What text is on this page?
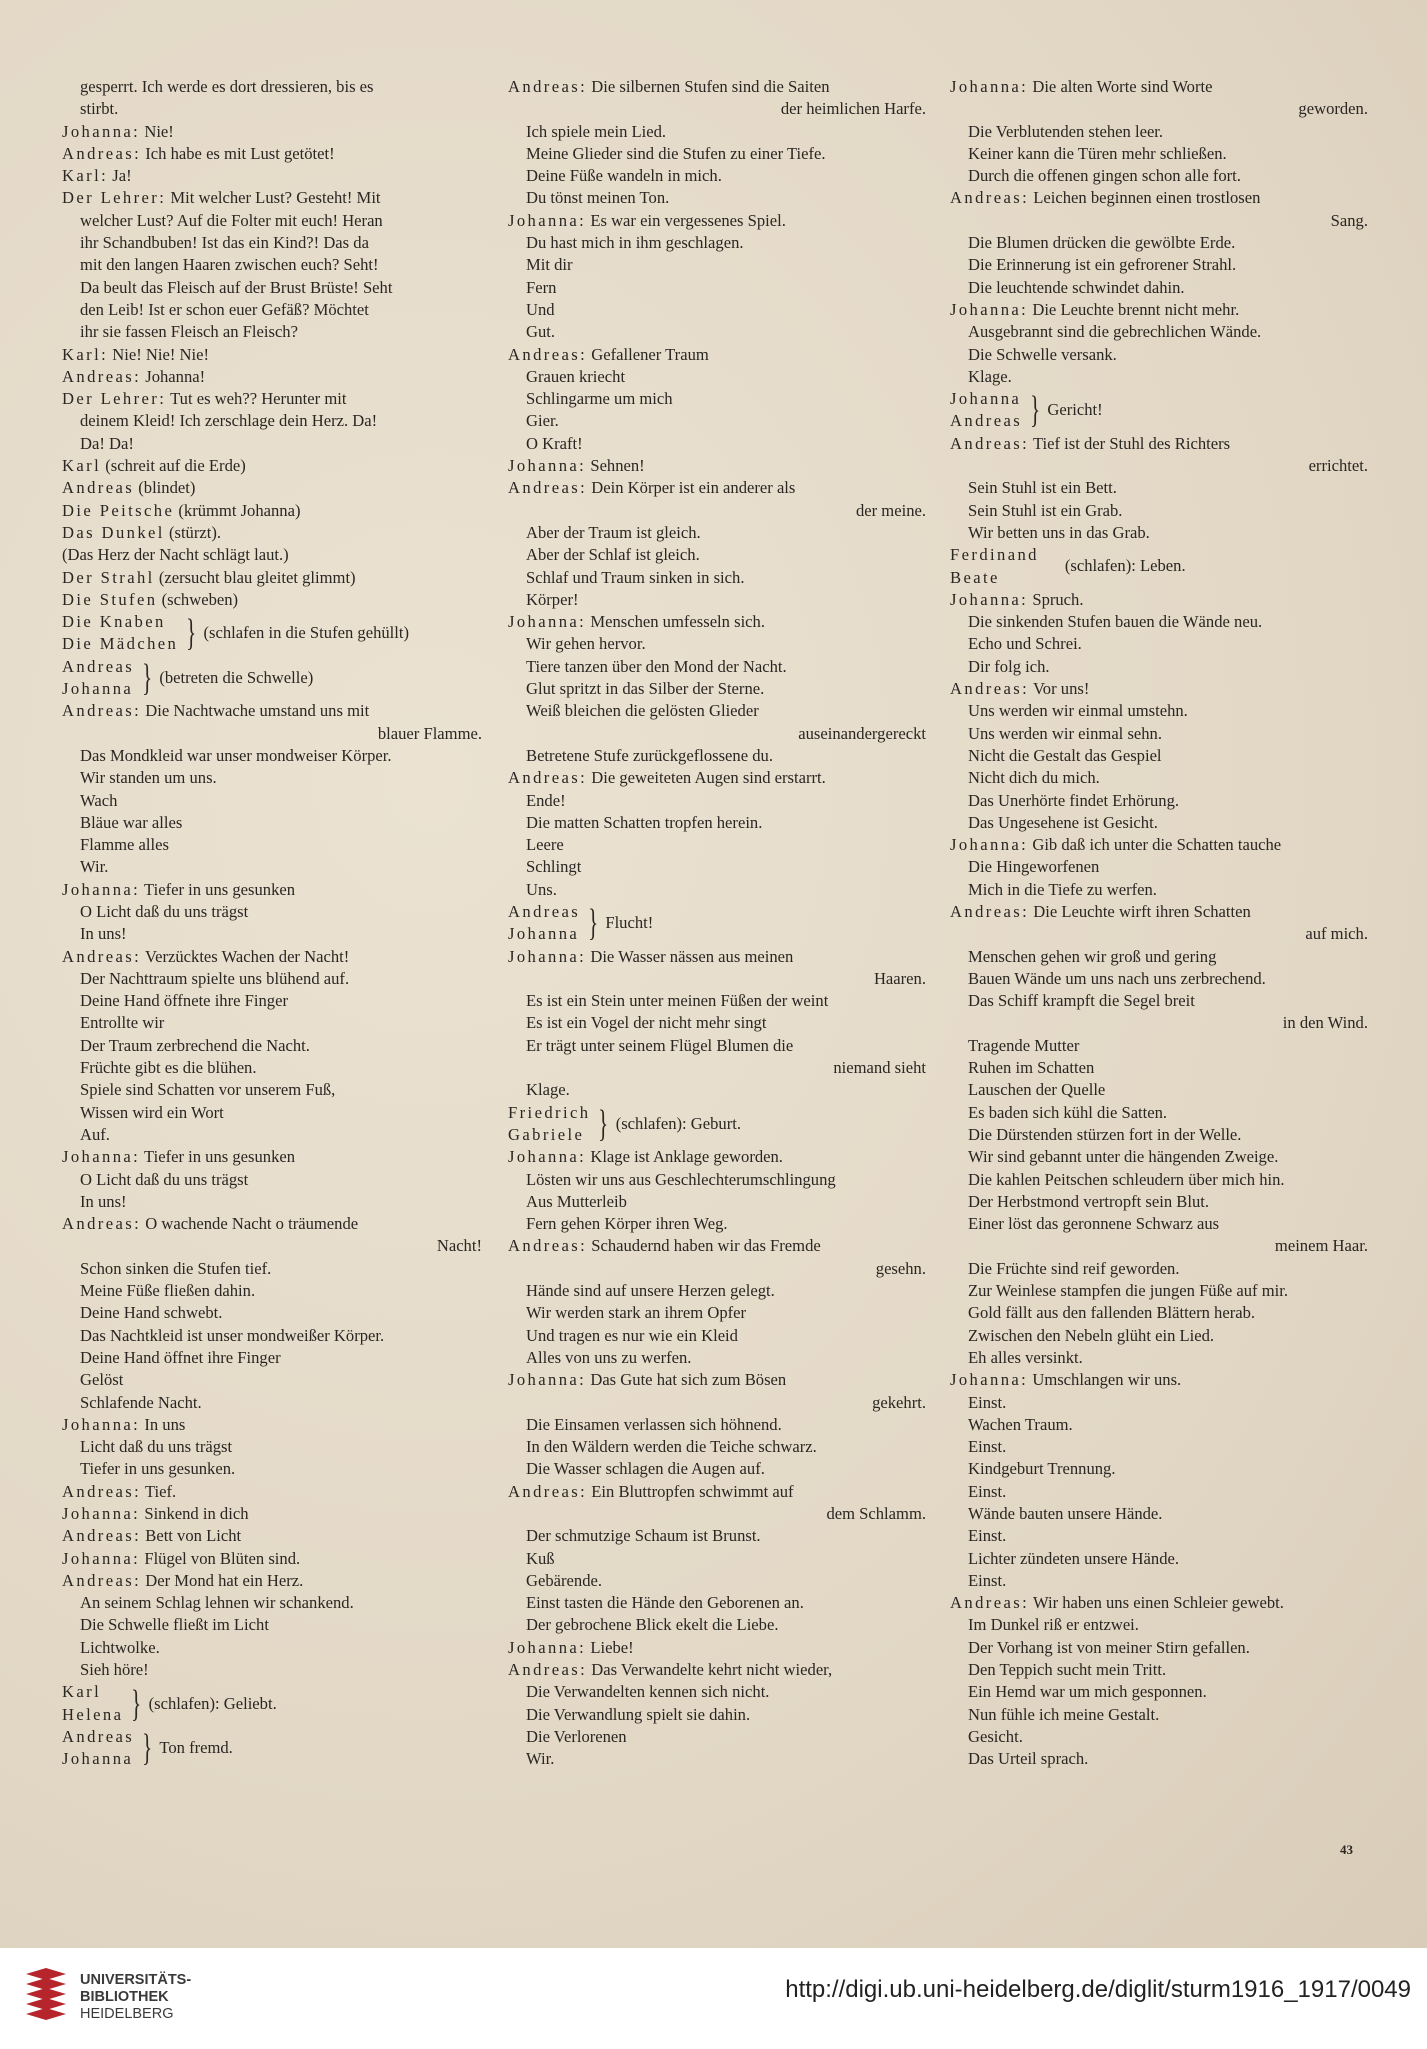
gesperrt. Ich werde es dort dressieren, bis es
stirbt.
Johanna: Nie!
Andreas: Ich habe es mit Lust getötet!
Karl: Ja!
Der Lehrer: Mit welcher Lust? Gesteht! Mit
welcher Lust? Auf die Folter mit euch! Heran
ihr Schandbuben! Ist das ein Kind?! Das da
mit den langen Haaren zwischen euch? Seht!
Da beult das Fleisch auf der Brust Brüste! Seht
den Leib! Ist er schon euer Gefäß? Möchtet
ihr sie fassen Fleisch an Fleisch?
Karl: Nie! Nie! Nie!
Andreas: Johanna!
Der Lehrer: Tut es weh?? Herunter mit
deinem Kleid! Ich zerschlage dein Herz. Da!
Da! Da!
Karl (schreit auf die Erde)
Andreas (blindet)
Die Peitsche (krümmt Johanna)
Das Dunkel (stürzt).
(Das Herz der Nacht schlägt laut.)
Der Strahl (zersucht blau gleitet glimmt)
Die Stufen (schweben)
Die Knaben
Die Mädchen } (schlafen in die Stufen gehüllt)
Andreas
Johanna } (betreten die Schwelle)
Andreas: Die Nachtwache umstand uns mit
blauer Flamme.
Das Mondkleid war unser mondweiser Körper.
Wir standen um uns.
Wach
Bläue war alles
Flamme alles
Wir.
Johanna: Tiefer in uns gesunken
O Licht daß du uns trägst
In uns!
Andreas: Verzücktes Wachen der Nacht!
Der Nachttraum spielte uns blühend auf.
Deine Hand öffnete ihre Finger
Entrollte wir
Der Traum zerbrechend die Nacht.
Früchte gibt es die blühen.
Spiele sind Schatten vor unserem Fuß,
Wissen wird ein Wort
Auf.
Johanna: Tiefer in uns gesunken
O Licht daß du uns trägst
In uns!
Andreas: O wachende Nacht o träumende
Nacht!
Schon sinken die Stufen tief.
Meine Füße fließen dahin.
Deine Hand schwebt.
Das Nachtkleid ist unser mondweißer Körper.
Deine Hand öffnet ihre Finger
Gelöst
Schlafende Nacht.
Johanna: In uns
Licht daß du uns trägst
Tiefer in uns gesunken.
Andreas: Tief.
Johanna: Sinkend in dich
Andreas: Bett von Licht
Johanna: Flügel von Blüten sind.
Andreas: Der Mond hat ein Herz.
An seinem Schlag lehnen wir schankend.
Die Schwelle fließt im Licht
Lichtwolke.
Sieh höre!
Karl
Helena } (schlafen): Geliebt.
Andreas
Johanna } Ton fremd.
Andreas: Die silbernen Stufen sind die Saiten
der heimlichen Harfe.
Ich spiele mein Lied.
Meine Glieder sind die Stufen zu einer Tiefe.
Deine Füße wandeln in mich.
Du tönst meinen Ton.
Johanna: Es war ein vergessenes Spiel.
Du hast mich in ihm geschlagen.
Mit dir
Fern
Und
Gut.
Andreas: Gefallener Traum
Grauen kriecht
Schlingarme um mich
Gier.
O Kraft!
Johanna: Sehnen!
Andreas: Dein Körper ist ein anderer als
der meine.
Aber der Traum ist gleich.
Aber der Schlaf ist gleich.
Schlaf und Traum sinken in sich.
Körper!
Johanna: Menschen umfesseln sich.
Wir gehen hervor.
Tiere tanzen über den Mond der Nacht.
Glut spritzt in das Silber der Sterne.
Weiß bleichen die gelösten Glieder
auseinandergereckt
Betretene Stufe zurückgeflossene du.
Andreas: Die geweiteten Augen sind erstarrt.
Ende!
Die matten Schatten tropfen herein.
Leere
Schlingt
Uns.
Andreas
Johanna } Flucht!
Johanna: Die Wasser nässen aus meinen
Haaren.
Es ist ein Stein unter meinen Füßen der weint
Es ist ein Vogel der nicht mehr singt
Er trägt unter seinem Flügel Blumen die
niemand sieht
Klage.
Friedrich
Gabriele } (schlafen): Geburt.
Johanna: Klage ist Anklage geworden.
Lösten wir uns aus Geschlechterumschlingung
Aus Mutterleib
Fern gehen Körper ihren Weg.
Andreas: Schaudernd haben wir das Fremde
gesehn.
Hände sind auf unsere Herzen gelegt.
Wir werden stark an ihrem Opfer
Und tragen es nur wie ein Kleid
Alles von uns zu werfen.
Johanna: Das Gute hat sich zum Bösen
gekehrt.
Die Einsamen verlassen sich höhnend.
In den Wäldern werden die Teiche schwarz.
Die Wasser schlagen die Augen auf.
Andreas: Ein Bluttropfen schwimmt auf
dem Schlamm.
Der schmutzige Schaum ist Brunst.
Kuß
Gebärende.
Einst tasten die Hände den Geborenen an.
Der gebrochene Blick ekelt die Liebe.
Johanna: Liebe!
Andreas: Das Verwandelte kehrt nicht wieder,
Die Verwandelten kennen sich nicht.
Die Verwandlung spielt sie dahin.
Die Verlorenen
Wir.
Johanna: Die alten Worte sind Worte
geworden.
Die Verblutenden stehen leer.
Keiner kann die Türen mehr schließen.
Durch die offenen gingen schon alle fort.
Andreas: Leichen beginnen einen trostlosen
Sang.
Die Blumen drücken die gewölbte Erde.
Die Erinnerung ist ein gefrorener Strahl.
Die leuchtende schwindet dahin.
Johanna: Die Leuchte brennt nicht mehr.
Ausgebrannt sind die gebrechlichen Wände.
Die Schwelle versank.
Klage.
Johanna
Andreas } Gericht!
Andreas: Tief ist der Stuhl des Richters
errichtet.
Sein Stuhl ist ein Bett.
Sein Stuhl ist ein Grab.
Wir betten uns in das Grab.
Ferdinand
Beate
(schlafen): Leben.
Johanna: Spruch.
Die sinkenden Stufen bauen die Wände neu.
Echo und Schrei.
Dir folg ich.
Andreas: Vor uns!
Uns werden wir einmal umstehn.
Uns werden wir einmal sehn.
Nicht die Gestalt das Gespiel
Nicht dich du mich.
Das Unerhörte findet Erhörung.
Das Ungesehene ist Gesicht.
Johanna: Gib daß ich unter die Schatten tauche
Die Hingeworfenen
Mich in die Tiefe zu werfen.
Andreas: Die Leuchte wirft ihren Schatten
auf mich.
Menschen gehen wir groß und gering
Bauen Wände um uns nach uns zerbrechend.
Das Schiff krampft die Segel breit
in den Wind.
Tragende Mutter
Ruhen im Schatten
Lauschen der Quelle
Es baden sich kühl die Satten.
Die Dürstenden stürzen fort in der Welle.
Wir sind gebannt unter die hängenden Zweige.
Die kahlen Peitschen schleudern über mich hin.
Der Herbstmond vertropft sein Blut.
Einer löst das geronnene Schwarz aus
meinem Haar.
Die Früchte sind reif geworden.
Zur Weinlese stampfen die jungen Füße auf mir.
Gold fällt aus den fallenden Blättern herab.
Zwischen den Nebeln glüht ein Lied.
Eh alles versinkt.
Johanna: Umschlangen wir uns.
Einst.
Wachen Traum.
Einst.
Kindgeburt Trennung.
Einst.
Wände bauten unsere Hände.
Einst.
Lichter zündeten unsere Hände.
Einst.
Andreas: Wir haben uns einen Schleier gewebt.
Im Dunkel riß er entzwei.
Der Vorhang ist von meiner Stirn gefallen.
Den Teppich sucht mein Tritt.
Ein Hemd war um mich gesponnen.
Nun fühle ich meine Gestalt.
Gesicht.
Das Urteil sprach.
43
UNIVERSITÄTS-
BIBLIOTHEK
HEIDELBERG
http://digi.ub.uni-heidelberg.de/diglit/sturm1916_1917/0049
